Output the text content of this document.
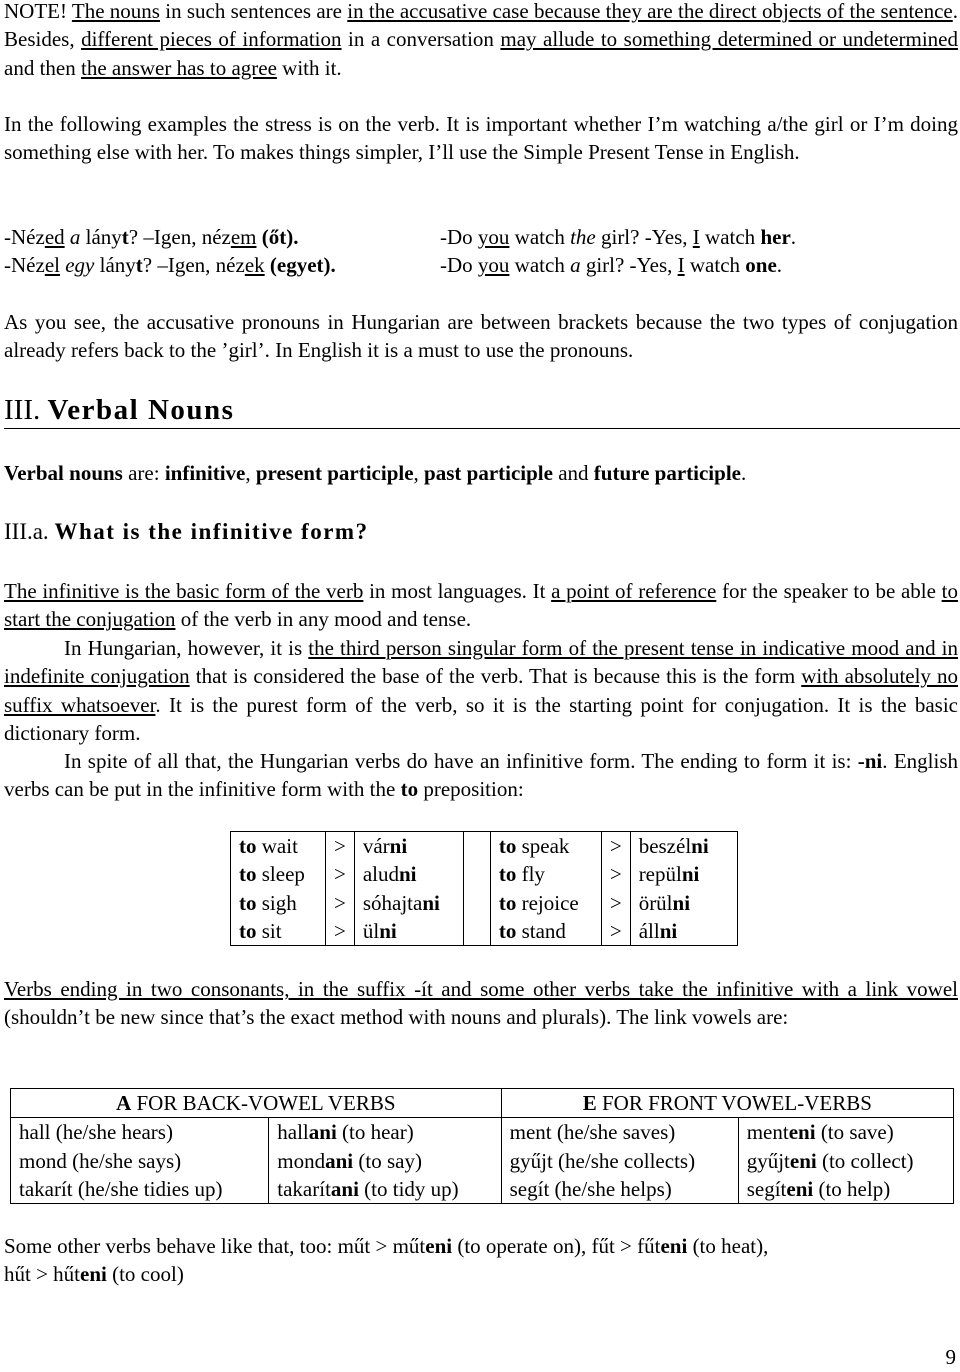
NOTE! The nouns in such sentences are in the accusative case because they are the direct objects of the sentence. Besides, different pieces of information in a conversation may allude to something determined or undetermined and then the answer has to agree with it.
In the following examples the stress is on the verb. It is important whether I’m watching a/the girl or I’m doing something else with her. To makes things simpler, I’ll use the Simple Present Tense in English.
-Nézed a lányt? –Igen, nézem (őt).	-Do you watch the girl? -Yes, I watch her.
-Nézel egy lányt? –Igen, nézek (egyet).	-Do you watch a girl? -Yes, I watch one.
As you see, the accusative pronouns in Hungarian are between brackets because the two types of conjugation already refers back to the ’girl’. In English it is a must to use the pronouns.
III. Verbal Nouns
Verbal nouns are: infinitive, present participle, past participle and future participle.
III.a. What is the infinitive form?
The infinitive is the basic form of the verb in most languages. It a point of reference for the speaker to be able to start the conjugation of the verb in any mood and tense.
In Hungarian, however, it is the third person singular form of the present tense in indicative mood and in indefinite conjugation that is considered the base of the verb. That is because this is the form with absolutely no suffix whatsoever. It is the purest form of the verb, so it is the starting point for conjugation. It is the basic dictionary form.
In spite of all that, the Hungarian verbs do have an infinitive form. The ending to form it is: -ni. English verbs can be put in the infinitive form with the to preposition:
to wait	>	várni		to speak	>	beszélni
to sleep	>	aludni		to fly	>	repülni
to sigh	>	sóhajtani		to rejoice	>	örülni
to sit	>	ülni		to stand	>	állni
Verbs ending in two consonants, in the suffix -ít and some other verbs take the infinitive with a link vowel (shouldn’t be new since that’s the exact method with nouns and plurals). The link vowels are:
A FOR BACK-VOWEL VERBS		E FOR FRONT VOWEL-VERBS	
hall (he/she hears)	hallani (to hear)	ment (he/she saves)	menteni (to save)
mond (he/she says)	mondani (to say)	gyűjt (he/she collects)	gyűjteni (to collect)
takarít (he/she tidies up)	takarítani (to tidy up)	segít (he/she helps)	segíteni (to help)
Some other verbs behave like that, too: műt > műteni (to operate on), fűt > fűteni (to heat),
hűt > hűteni (to cool)
9
